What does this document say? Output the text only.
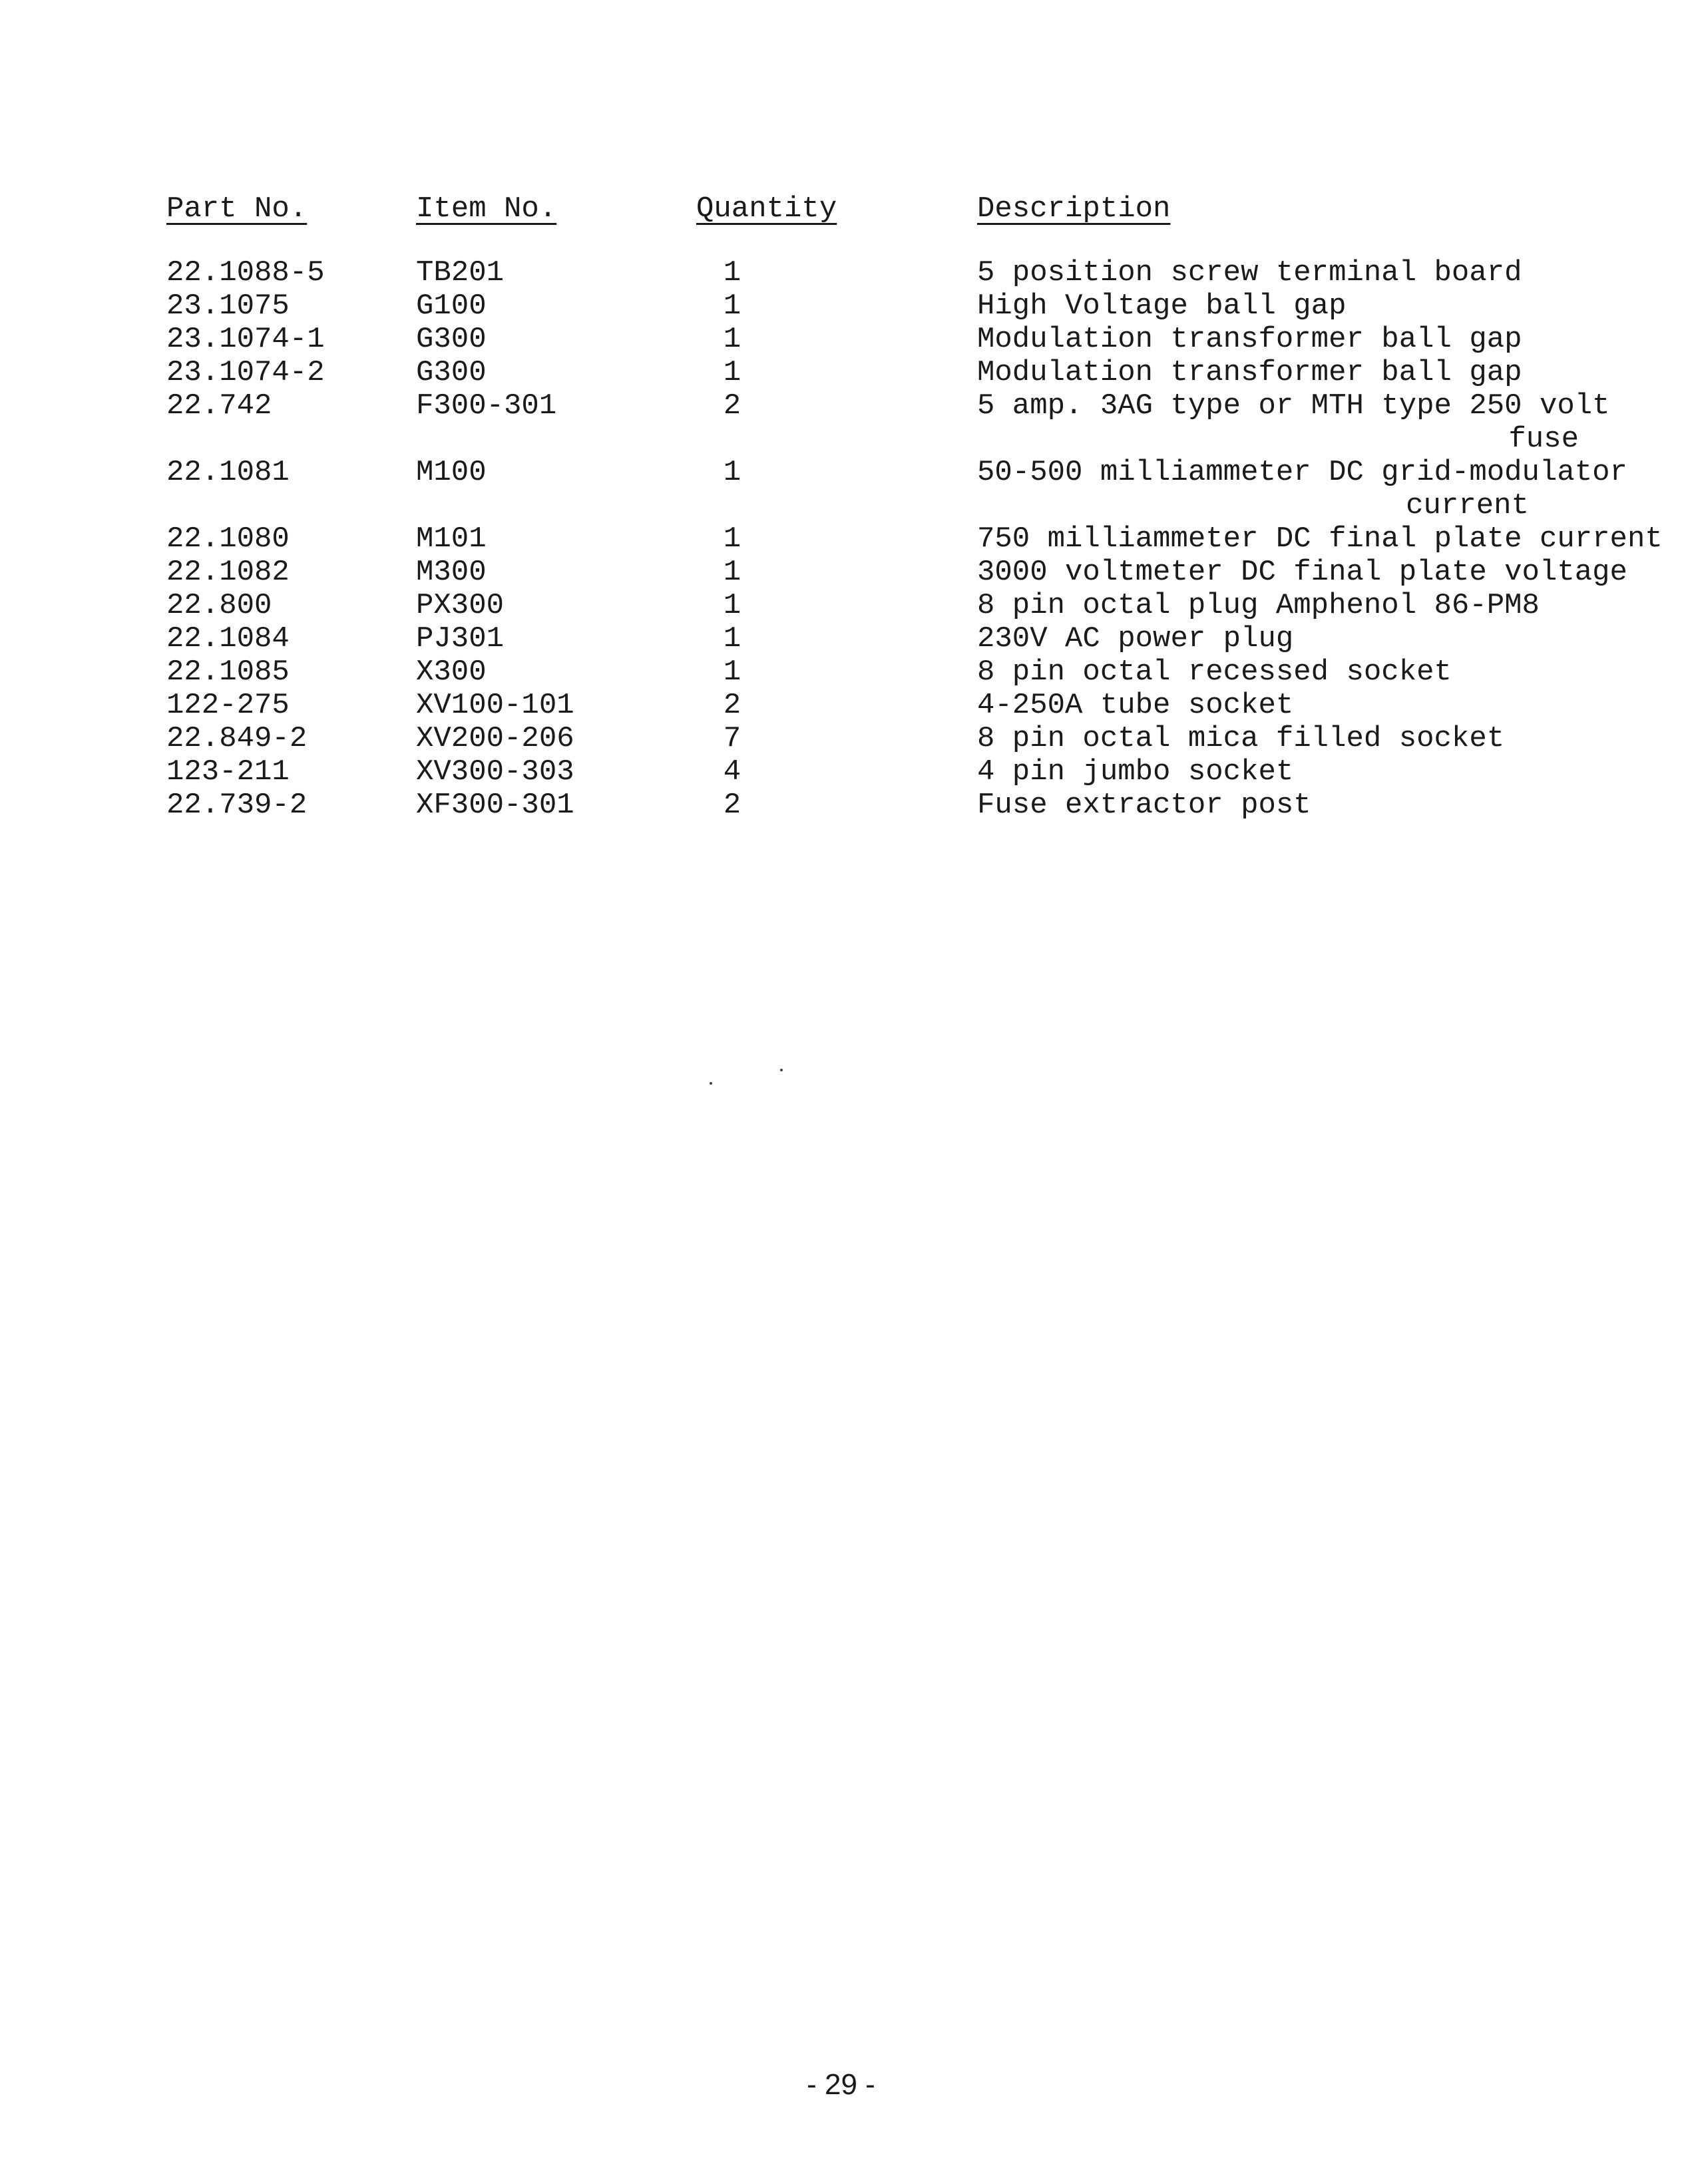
Part No.	Item No.	Quantity	Description
22.1088-5	TB201	1	5 position screw terminal board
23.1075	G100	1	High Voltage ball gap
23.1074-1	G300	1	Modulation transformer ball gap
23.1074-2	G300	1	Modulation transformer ball gap
22.742	F300-301	2	5 amp. 3AG type or MTH type 250 volt
fuse
22.1081	M100	1	50-500 milliammeter DC grid-modulator
current
22.1080	M101	1	750 milliammeter DC final plate current
22.1082	M300	1	3000 voltmeter DC final plate voltage
22.800	PX300	1	8 pin octal plug Amphenol 86-PM8
22.1084	PJ301	1	230V AC power plug
22.1085	X300	1	8 pin octal recessed socket
122-275	XV100-101	2	4-250A tube socket
22.849-2	XV200-206	7	8 pin octal mica filled socket
123-211	XV300-303	4	4 pin jumbo socket
22.739-2	XF300-301	2	Fuse extractor post
- 29 -
